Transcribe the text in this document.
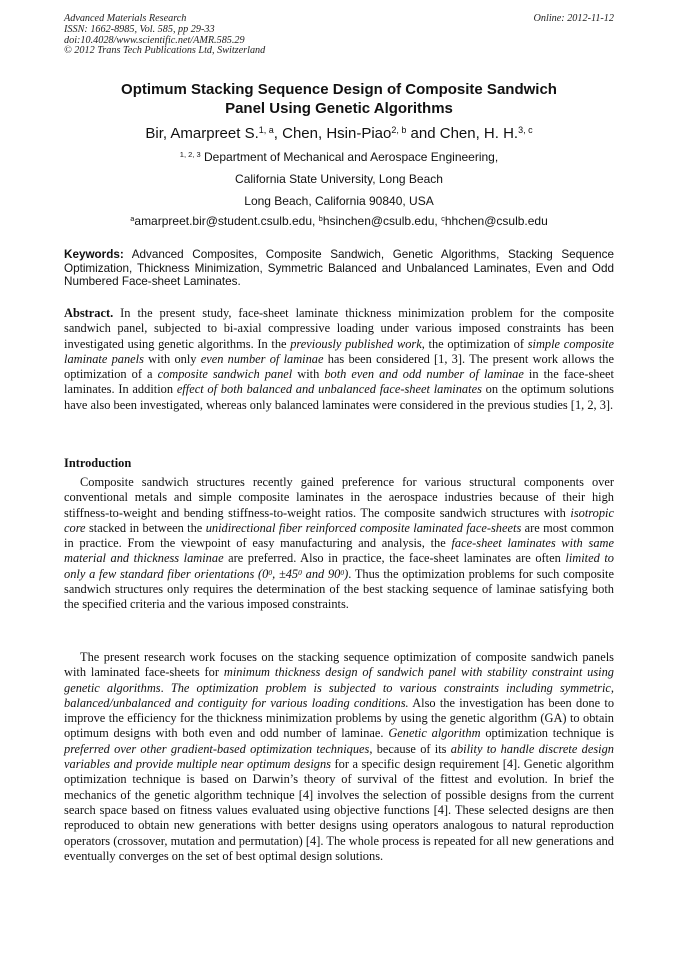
Advanced Materials Research
ISSN: 1662-8985, Vol. 585, pp 29-33
doi:10.4028/www.scientific.net/AMR.585.29
© 2012 Trans Tech Publications Ltd, Switzerland
Online: 2012-11-12
Optimum Stacking Sequence Design of Composite Sandwich
Panel Using Genetic Algorithms
Bir, Amarpreet S.$^{1, a}$, Chen, Hsin-Piao$^{2, b}$ and Chen, H. H.$^{3, c}$
$^{1, 2, 3}$ Department of Mechanical and Aerospace Engineering,
California State University, Long Beach
Long Beach, California 90840, USA
$^a$amarpreet.bir@student.csulb.edu, $^b$hsinchen@csulb.edu, $^c$hhchen@csulb.edu
Keywords: Advanced Composites, Composite Sandwich, Genetic Algorithms, Stacking Sequence Optimization, Thickness Minimization, Symmetric Balanced and Unbalanced Laminates, Even and Odd Numbered Face-sheet Laminates.

Abstract. In the present study, face-sheet laminate thickness minimization problem for the composite sandwich panel, subjected to bi-axial compressive loading under various imposed constraints has been investigated using genetic algorithms. In the previously published work, the optimization of simple composite laminate panels with only even number of laminae has been considered [1, 3]. The present work allows the optimization of a composite sandwich panel with both even and odd number of laminae in the face-sheet laminates. In addition effect of both balanced and unbalanced face-sheet laminates on the optimum solutions have also been investigated, whereas only balanced laminates were considered in the previous studies [1, 2, 3].

Introduction

Composite sandwich structures recently gained preference for various structural components over conventional metals and simple composite laminates in the aerospace industries because of their high stiffness-to-weight and bending stiffness-to-weight ratios. The composite sandwich structures with isotropic core stacked in between the unidirectional fiber reinforced composite laminated face-sheets are most common in practice. From the viewpoint of easy manufacturing and analysis, the face-sheet laminates with same material and thickness laminae are preferred. Also in practice, the face-sheet laminates are often limited to only a few standard fiber orientations ($0^0$, $\pm 45^0$ and $90^0$). Thus the optimization problems for such composite sandwich structures only requires the determination of the best stacking sequence of laminae satisfying both the specified criteria and the various imposed constraints.

The present research work focuses on the stacking sequence optimization of composite sandwich panels with laminated face-sheets for minimum thickness design of sandwich panel with stability constraint using genetic algorithms. The optimization problem is subjected to various constraints including symmetric, balanced/unbalanced and contiguity for various loading conditions. Also the investigation has been done to improve the efficiency for the thickness minimization problems by using the genetic algorithm (GA) to obtain optimum designs with both even and odd number of laminae. Genetic algorithm optimization technique is preferred over other gradient-based optimization techniques, because of its ability to handle discrete design variables and provide multiple near optimum designs for a specific design requirement [4]. Genetic algorithm optimization technique is based on Darwin’s theory of survival of the fittest and evolution. In brief the mechanics of the genetic algorithm technique [4] involves the selection of possible designs from the current search space based on fitness values evaluated using objective functions [4]. These selected designs are then reproduced to obtain new generations with better designs using operators analogous to natural reproduction operators (crossover, mutation and permutation) [4]. The whole process is repeated for all new generations and eventually converges on the set of best optimal design solutions.
